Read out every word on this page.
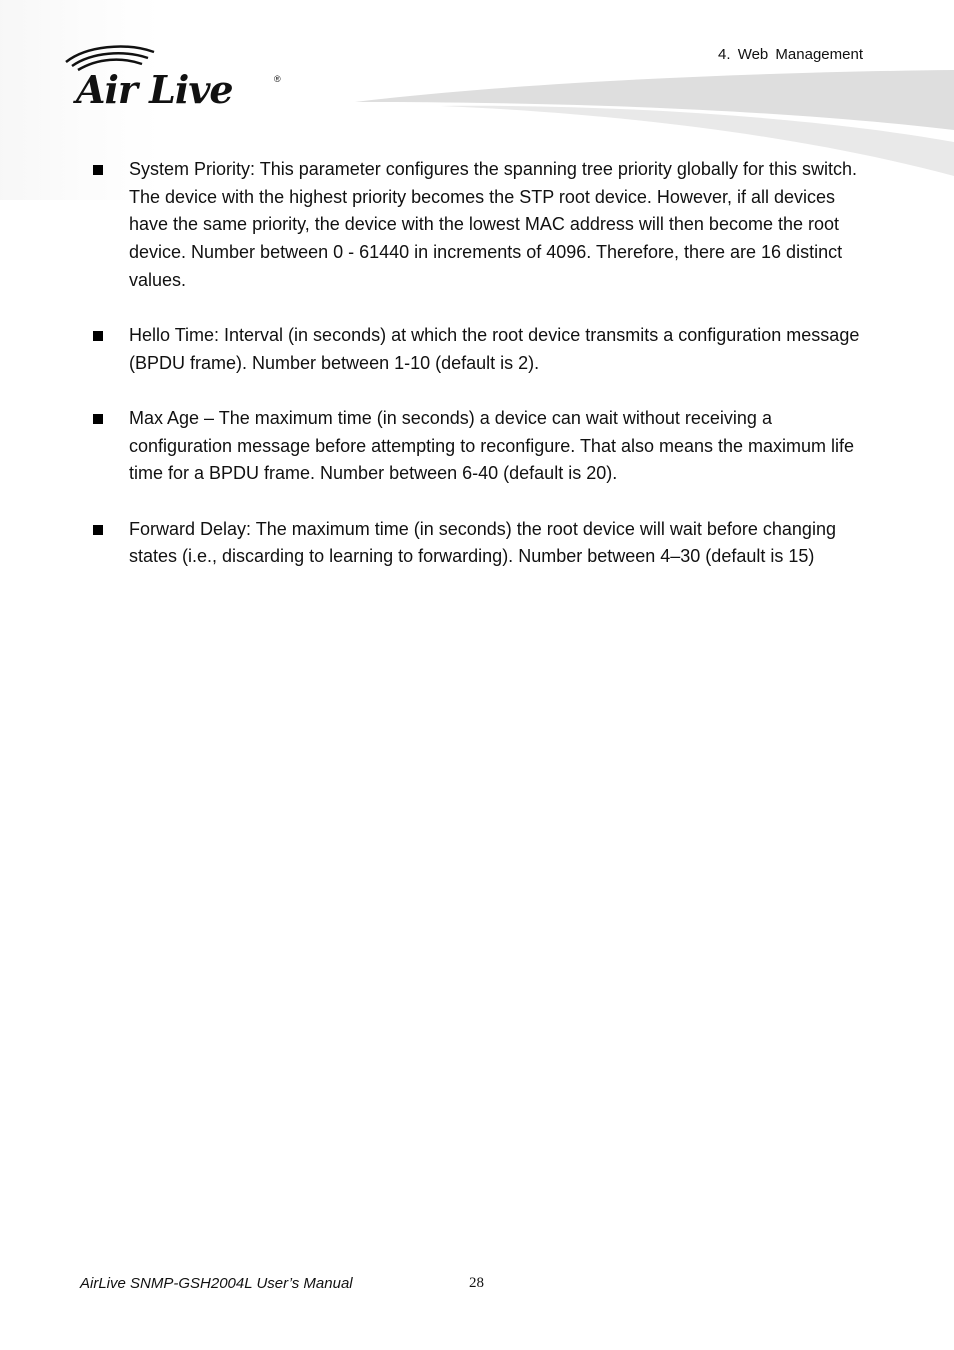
Air Live	®
4. Web Management
System Priority: This parameter configures the spanning tree priority globally for this switch. The device with the highest priority becomes the STP root device. However, if all devices have the same priority, the device with the lowest MAC address will then become the root device. Number between 0 - 61440 in increments of 4096. Therefore, there are 16 distinct values.
Hello Time: Interval (in seconds) at which the root device transmits a configuration message (BPDU frame). Number between 1-10 (default is 2).
Max Age – The maximum time (in seconds) a device can wait without receiving a configuration message before attempting to reconfigure. That also means the maximum life time for a BPDU frame. Number between 6-40 (default is 20).
Forward Delay: The maximum time (in seconds) the root device will wait before changing states (i.e., discarding to learning to forwarding). Number between 4–30 (default is 15)
AirLive SNMP-GSH2004L User’s Manual	28
